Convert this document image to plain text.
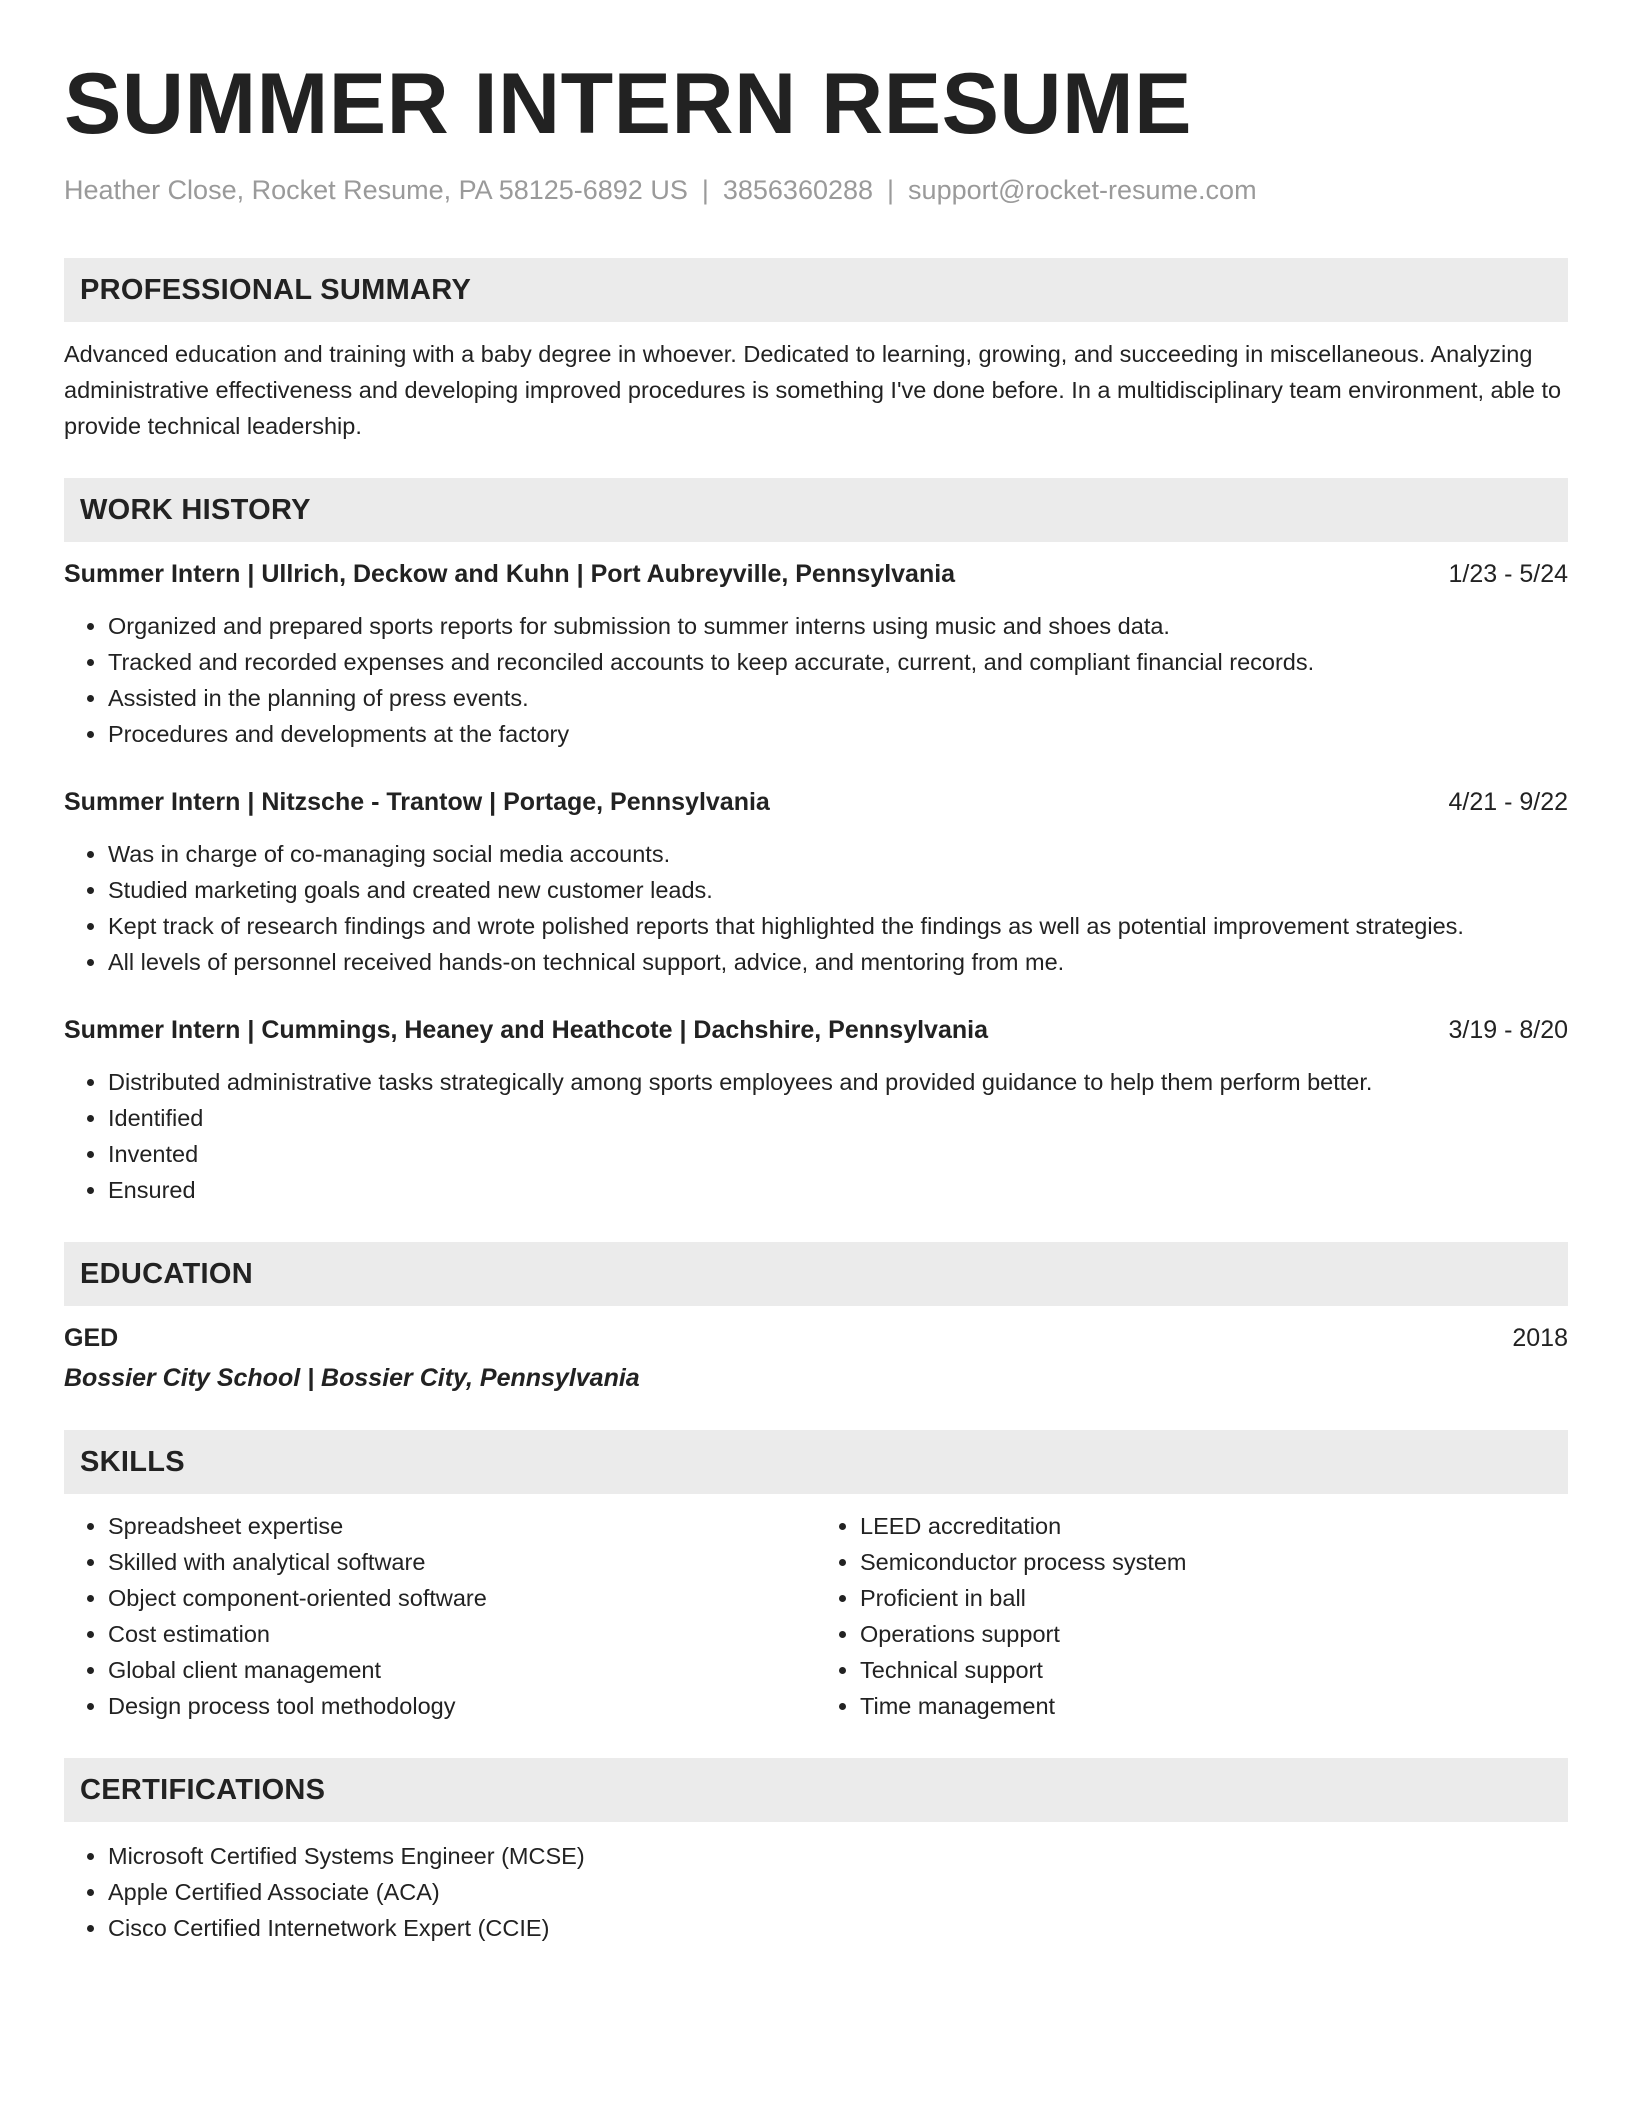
SUMMER INTERN RESUME
Heather Close, Rocket Resume, PA 58125-6892 US | 3856360288 | support@rocket-resume.com
PROFESSIONAL SUMMARY
Advanced education and training with a baby degree in whoever. Dedicated to learning, growing, and succeeding in miscellaneous. Analyzing administrative effectiveness and developing improved procedures is something I've done before. In a multidisciplinary team environment, able to provide technical leadership.
WORK HISTORY
Summer Intern | Ullrich, Deckow and Kuhn | Port Aubreyville, Pennsylvania	1/23 - 5/24
• Organized and prepared sports reports for submission to summer interns using music and shoes data.
• Tracked and recorded expenses and reconciled accounts to keep accurate, current, and compliant financial records.
• Assisted in the planning of press events.
• Procedures and developments at the factory
Summer Intern | Nitzsche - Trantow | Portage, Pennsylvania	4/21 - 9/22
• Was in charge of co-managing social media accounts.
• Studied marketing goals and created new customer leads.
• Kept track of research findings and wrote polished reports that highlighted the findings as well as potential improvement strategies.
• All levels of personnel received hands-on technical support, advice, and mentoring from me.
Summer Intern | Cummings, Heaney and Heathcote | Dachshire, Pennsylvania	3/19 - 8/20
• Distributed administrative tasks strategically among sports employees and provided guidance to help them perform better.
• Identified
• Invented
• Ensured
EDUCATION
GED	2018
Bossier City School | Bossier City, Pennsylvania
SKILLS
• Spreadsheet expertise
• Skilled with analytical software
• Object component-oriented software
• Cost estimation
• Global client management
• Design process tool methodology
• LEED accreditation
• Semiconductor process system
• Proficient in ball
• Operations support
• Technical support
• Time management
CERTIFICATIONS
• Microsoft Certified Systems Engineer (MCSE)
• Apple Certified Associate (ACA)
• Cisco Certified Internetwork Expert (CCIE)
